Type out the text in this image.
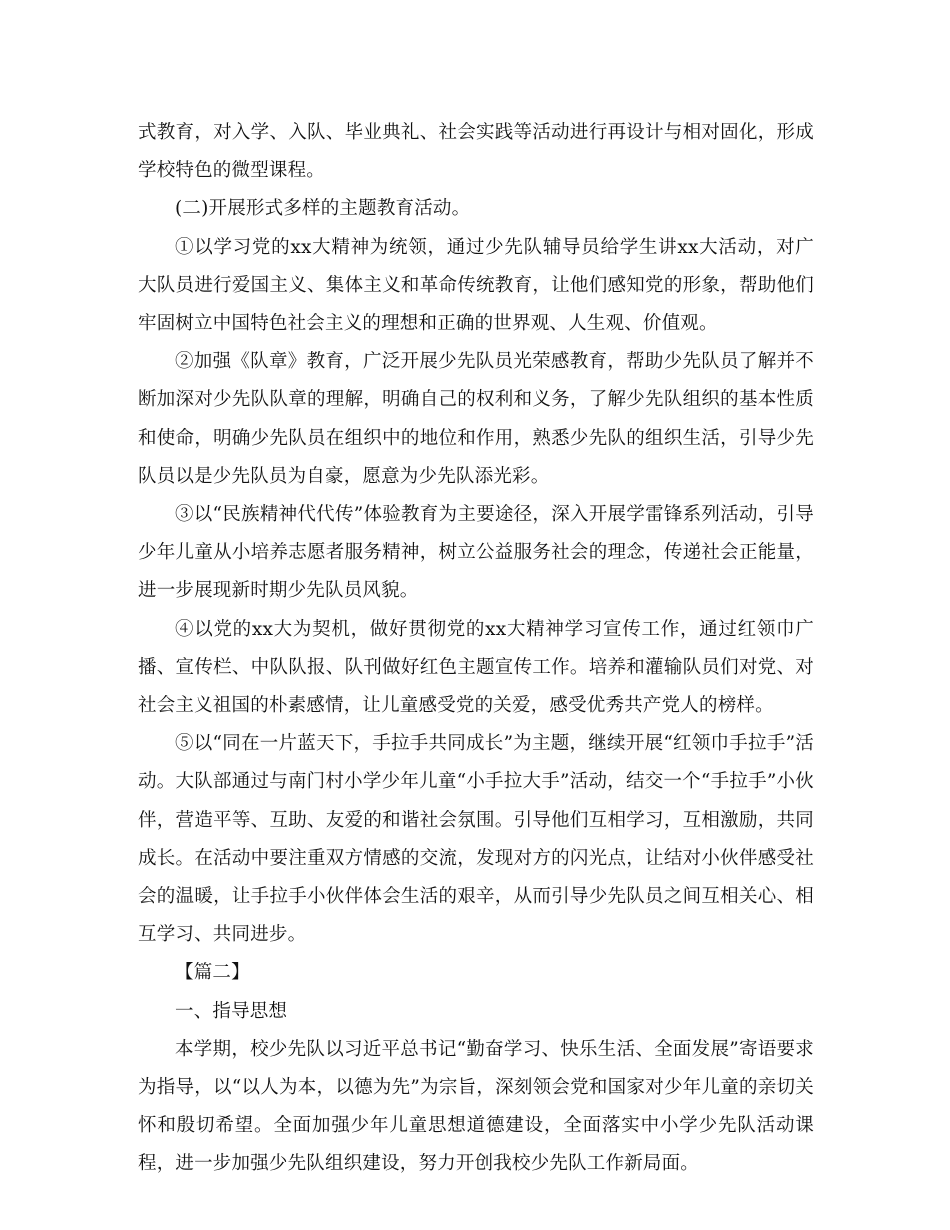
式教育，对入学、入队、毕业典礼、社会实践等活动进行再设计与相对固化，形成学校特色的微型课程。

(二)开展形式多样的主题教育活动。

①以学习党的xx大精神为统领，通过少先队辅导员给学生讲xx大活动，对广大队员进行爱国主义、集体主义和革命传统教育，让他们感知党的形象，帮助他们牢固树立中国特色社会主义的理想和正确的世界观、人生观、价值观。

②加强《队章》教育，广泛开展少先队员光荣感教育，帮助少先队员了解并不断加深对少先队队章的理解，明确自己的权利和义务，了解少先队组织的基本性质和使命，明确少先队员在组织中的地位和作用，熟悉少先队的组织生活，引导少先队员以是少先队员为自豪，愿意为少先队添光彩。

③以“民族精神代代传”体验教育为主要途径，深入开展学雷锋系列活动，引导少年儿童从小培养志愿者服务精神，树立公益服务社会的理念，传递社会正能量，进一步展现新时期少先队员风貌。

④以党的xx大为契机，做好贯彻党的xx大精神学习宣传工作，通过红领巾广播、宣传栏、中队队报、队刊做好红色主题宣传工作。培养和灌输队员们对党、对社会主义祖国的朴素感情，让儿童感受党的关爱，感受优秀共产党人的榜样。

⑤以“同在一片蓝天下，手拉手共同成长”为主题，继续开展“红领巾手拉手”活动。大队部通过与南门村小学少年儿童“小手拉大手”活动，结交一个“手拉手”小伙伴，营造平等、互助、友爱的和谐社会氛围。引导他们互相学习，互相激励，共同成长。在活动中要注重双方情感的交流，发现对方的闪光点，让结对小伙伴感受社会的温暖，让手拉手小伙伴体会生活的艰辛，从而引导少先队员之间互相关心、相互学习、共同进步。

【篇二】

一、指导思想

本学期，校少先队以习近平总书记“勤奋学习、快乐生活、全面发展”寄语要求为指导，以“以人为本，以德为先”为宗旨，深刻领会党和国家对少年儿童的亲切关怀和殷切希望。全面加强少年儿童思想道德建设，全面落实中小学少先队活动课程，进一步加强少先队组织建设，努力开创我校少先队工作新局面。
